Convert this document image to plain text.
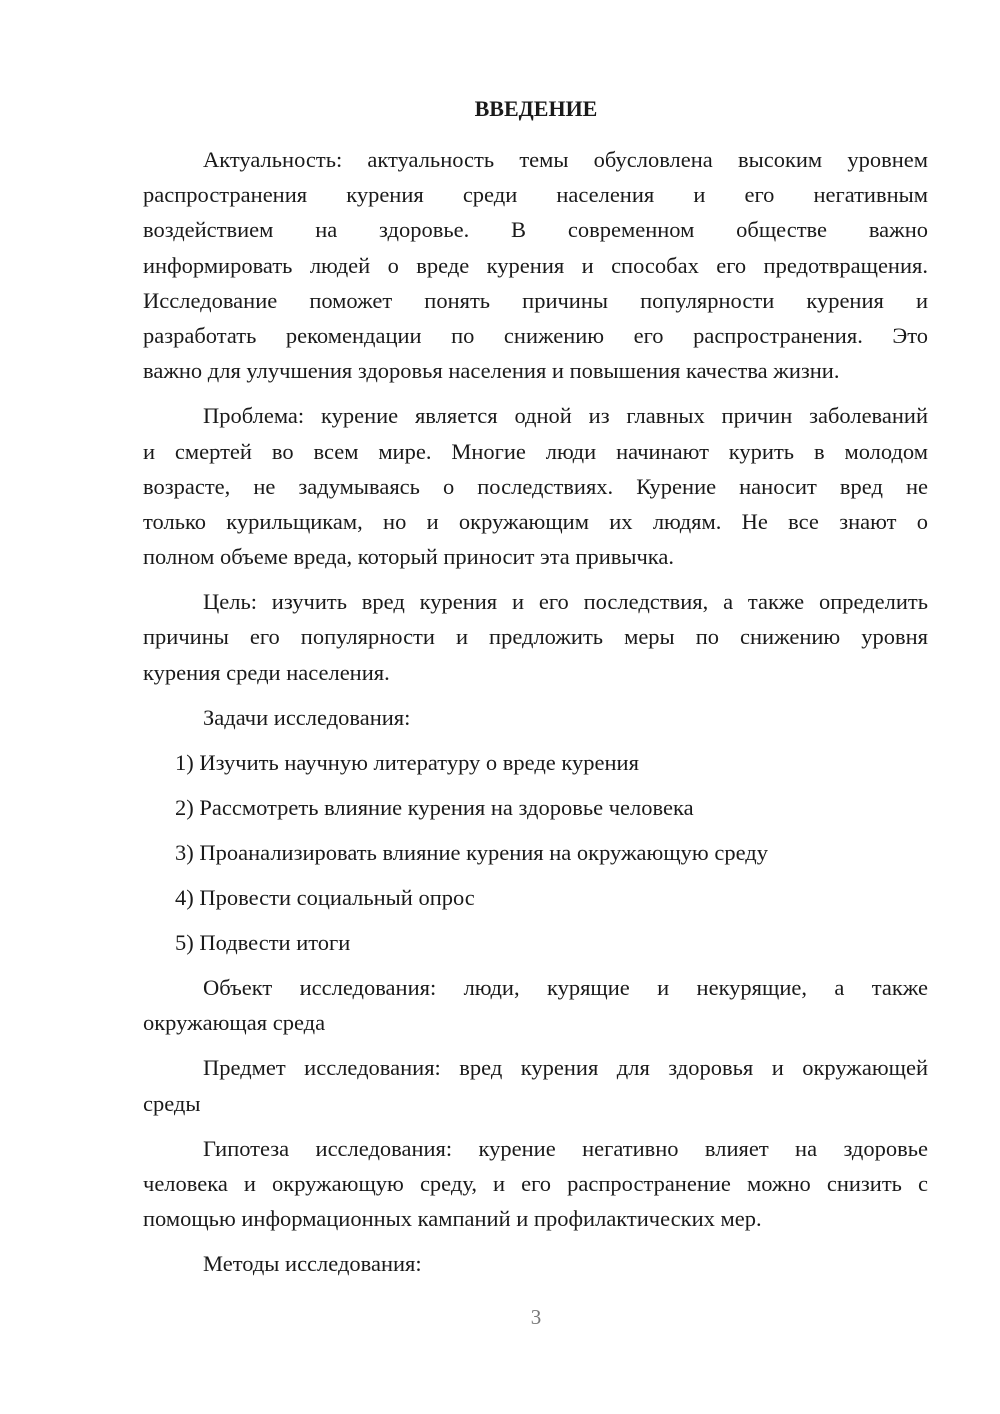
ВВЕДЕНИЕ
Актуальность: актуальность темы обусловлена высоким уровнем
распространения курения среди населения и его негативным
воздействием на здоровье. В современном обществе важно
информировать людей о вреде курения и способах его предотвращения.
Исследование поможет понять причины популярности курения и
разработать рекомендации по снижению его распространения. Это
важно для улучшения здоровья населения и повышения качества жизни.
Проблема: курение является одной из главных причин заболеваний
и смертей во всем мире. Многие люди начинают курить в молодом
возрасте, не задумываясь о последствиях. Курение наносит вред не
только курильщикам, но и окружающим их людям. Не все знают о
полном объеме вреда, который приносит эта привычка.
Цель: изучить вред курения и его последствия, а также определить
причины его популярности и предложить меры по снижению уровня
курения среди населения.
Задачи исследования:
1) Изучить научную литературу о вреде курения
2) Рассмотреть влияние курения на здоровье человека
3) Проанализировать влияние курения на окружающую среду
4) Провести социальный опрос
5) Подвести итоги
Объект исследования: люди, курящие и некурящие, а также
окружающая среда
Предмет исследования: вред курения для здоровья и окружающей
среды
Гипотеза исследования: курение негативно влияет на здоровье
человека и окружающую среду, и его распространение можно снизить с
помощью информационных кампаний и профилактических мер.
Методы исследования:
3
